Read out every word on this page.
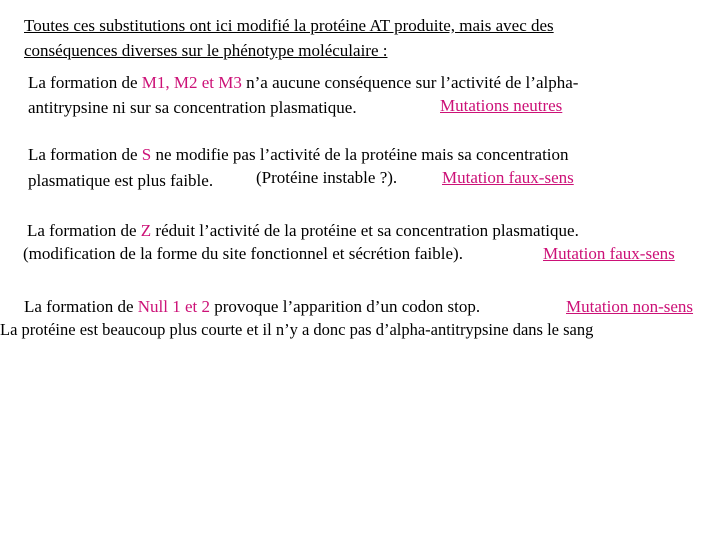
Toutes ces substitutions ont ici modifié la protéine AT produite, mais avec des
conséquences diverses sur le phénotype moléculaire :
La formation de M1, M2 et M3 n’a aucune conséquence sur l’activité de l’alpha-
antitrypsine ni sur sa concentration plasmatique.	Mutations neutres
La formation de S ne modifie pas l’activité de la protéine mais sa concentration
plasmatique est plus faible.	(Protéine instable ?).	Mutation faux-sens
La formation de Z réduit l’activité de la protéine et sa concentration plasmatique.
(modification de la forme du site fonctionnel et sécrétion faible).	Mutation faux-sens
La formation de Null 1 et 2 provoque l’apparition d’un codon stop.	Mutation non-sens
La protéine est beaucoup plus courte et il n’y a donc pas d’alpha-antitrypsine dans le sang
